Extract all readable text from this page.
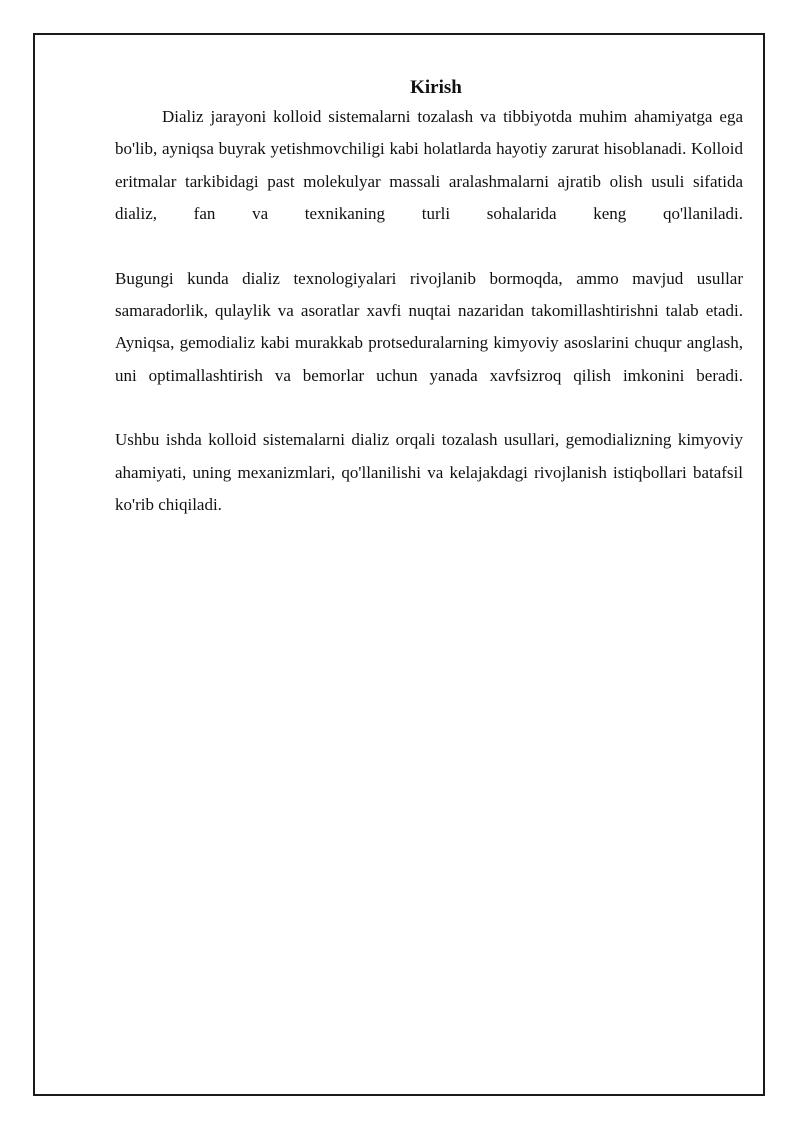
Kirish

Dializ jarayoni kolloid sistemalarni tozalash va tibbiyotda muhim ahamiyatga ega bo'lib, ayniqsa buyrak yetishmovchiligi kabi holatlarda hayotiy zarurat hisoblanadi. Kolloid eritmalar tarkibidagi past molekulyar massali aralashmalarni ajratib olish usuli sifatida dializ, fan va texnikaning turli sohalarida keng qo'llaniladi.

Bugungi kunda dializ texnologiyalari rivojlanib bormoqda, ammo mavjud usullar samaradorlik, qulaylik va asoratlar xavfi nuqtai nazaridan takomillashtirishni talab etadi. Ayniqsa, gemodializ kabi murakkab protseduralarning kimyoviy asoslarini chuqur anglash, uni optimallashtirish va bemorlar uchun yanada xavfsizroq qilish imkonini beradi.

Ushbu ishda kolloid sistemalarni dializ orqali tozalash usullari, gemodializning kimyoviy ahamiyati, uning mexanizmlari, qo'llanilishi va kelajakdagi rivojlanish istiqbollari batafsil ko'rib chiqiladi.
